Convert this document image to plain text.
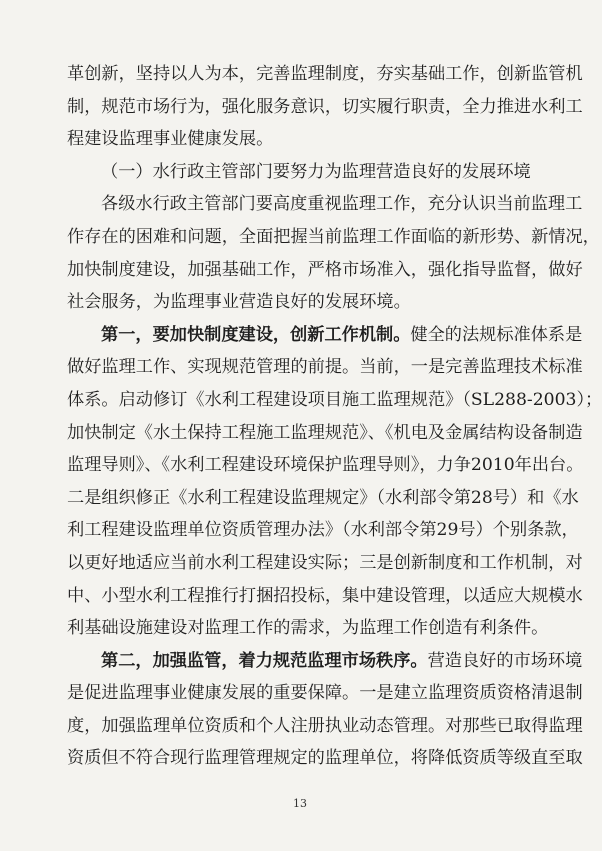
革创新，坚持以人为本，完善监理制度，夯实基础工作，创新监管机
制，规范市场行为，强化服务意识，切实履行职责，全力推进水利工
程建设监理事业健康发展。
（一）水行政主管部门要努力为监理营造良好的发展环境
各级水行政主管部门要高度重视监理工作，充分认识当前监理工
作存在的困难和问题，全面把握当前监理工作面临的新形势、新情况，
加快制度建设，加强基础工作，严格市场准入，强化指导监督，做好
社会服务，为监理事业营造良好的发展环境。
第一，要加快制度建设，创新工作机制。健全的法规标准体系是
做好监理工作、实现规范管理的前提。当前，一是完善监理技术标准
体系。启动修订《水利工程建设项目施工监理规范》（SL288-2003）；
加快制定《水土保持工程施工监理规范》、《机电及金属结构设备制造
监理导则》、《水利工程建设环境保护监理导则》，力争2010年出台。
二是组织修正《水利工程建设监理规定》（水利部令第28号）和《水
利工程建设监理单位资质管理办法》（水利部令第29号）个别条款，
以更好地适应当前水利工程建设实际；三是创新制度和工作机制，对
中、小型水利工程推行打捆招投标，集中建设管理，以适应大规模水
利基础设施建设对监理工作的需求，为监理工作创造有利条件。
第二，加强监管，着力规范监理市场秩序。营造良好的市场环境
是促进监理事业健康发展的重要保障。一是建立监理资质资格清退制
度，加强监理单位资质和个人注册执业动态管理。对那些已取得监理
资质但不符合现行监理管理规定的监理单位，将降低资质等级直至取
13
